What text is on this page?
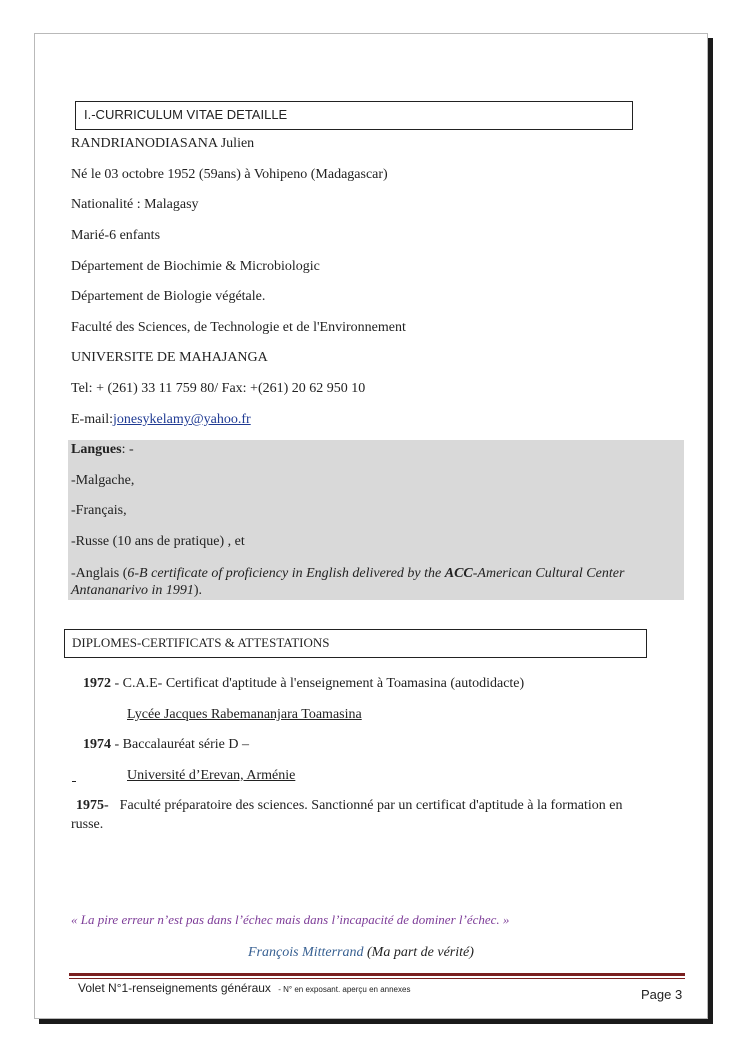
I.-CURRICULUM VITAE DETAILLE
RANDRIANODIASANA Julien
Né le 03 octobre 1952 (59ans) à Vohipeno (Madagascar)
Nationalité : Malagasy
Marié-6 enfants
Département de Biochimie & Microbiologic
Département de Biologie végétale.
Faculté des Sciences, de Technologie et de l'Environnement
UNIVERSITE DE MAHAJANGA
Tel: + (261) 33 11 759 80/ Fax: +(261) 20 62 950 10
E-mail:jonesykelamy@yahoo.fr
Langues: -
-Malgache,
-Français,
-Russe (10 ans de pratique) , et
-Anglais (6-B certificate of proficiency in English delivered by the ACC-American Cultural Center
Antananarivo in 1991).
DIPLOMES-CERTIFICATS & ATTESTATIONS
1972 - C.A.E- Certificat d'aptitude à l'enseignement à Toamasina (autodidacte)
Lycée Jacques Rabemananjara Toamasina
1974 - Baccalauréat série D –
Université d’Erevan, Arménie
1975- Faculté préparatoire des sciences. Sanctionné par un certificat d'aptitude à la formation en
russe.
« La pire erreur n’est pas dans l’échec mais dans l’incapacité de dominer l’échec. »
François Mitterrand (Ma part de vérité)
Volet N°1-renseignements généraux - N° en exposant. aperçu en annexes	Page 3
